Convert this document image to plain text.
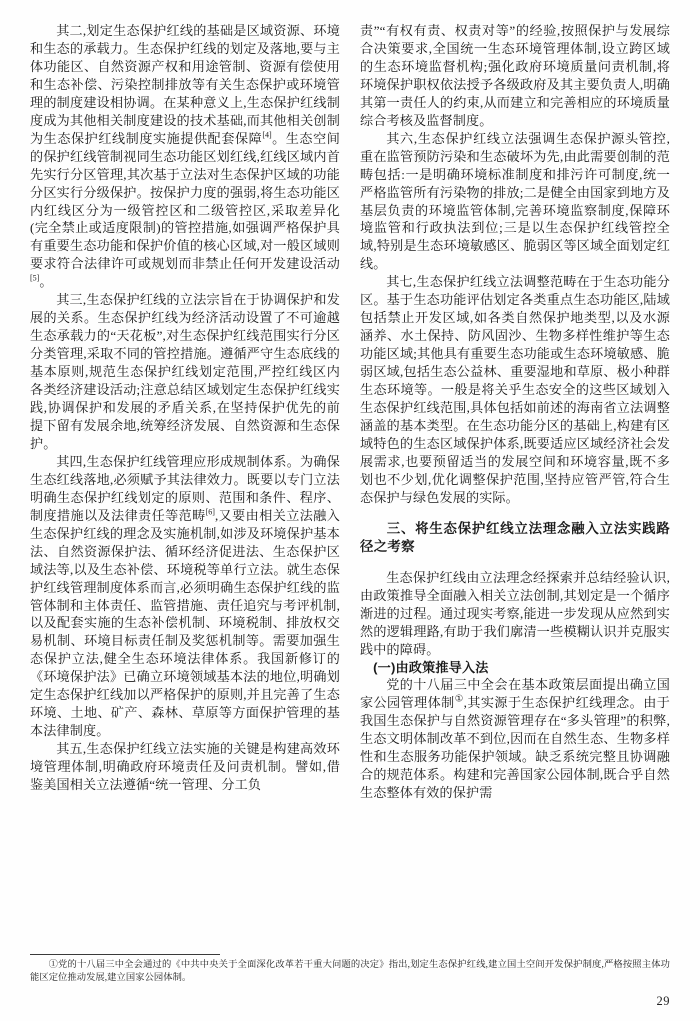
其二,划定生态保护红线的基础是区域资源、环境和生态的承载力。生态保护红线的划定及落地,要与主体功能区、自然资源产权和用途管制、资源有偿使用和生态补偿、污染控制排放等有关生态保护或环境管理的制度建设相协调。在某种意义上,生态保护红线制度成为其他相关制度建设的技术基础,而其他相关创制为生态保护红线制度实施提供配套保障[4]。生态空间的保护红线管制视同生态功能区划红线,红线区域内首先实行分区管理,其次基于立法对生态保护区域的功能分区实行分级保护。按保护力度的强弱,将生态功能区内红线区分为一级管控区和二级管控区,采取差异化(完全禁止或适度限制)的管控措施,如强调严格保护具有重要生态功能和保护价值的核心区域,对一般区域则要求符合法律许可或规划而非禁止任何开发建设活动[5]。

其三,生态保护红线的立法宗旨在于协调保护和发展的关系。生态保护红线为经济活动设置了不可逾越生态承载力的“天花板”,对生态保护红线范围实行分区分类管理,采取不同的管控措施。遵循严守生态底线的基本原则,规范生态保护红线划定范围,严控红线区内各类经济建设活动;注意总结区域划定生态保护红线实践,协调保护和发展的矛盾关系,在坚持保护优先的前提下留有发展余地,统筹经济发展、自然资源和生态保护。

其四,生态保护红线管理应形成规制体系。为确保生态红线落地,必须赋予其法律效力。既要以专门立法明确生态保护红线划定的原则、范围和条件、程序、制度措施以及法律责任等范畴[6],又要由相关立法融入生态保护红线的理念及实施机制,如涉及环境保护基本法、自然资源保护法、循环经济促进法、生态保护区域法等,以及生态补偿、环境税等单行立法。就生态保护红线管理制度体系而言,必须明确生态保护红线的监管体制和主体责任、监管措施、责任追究与考评机制,以及配套实施的生态补偿机制、环境税制、排放权交易机制、环境目标责任制及奖惩机制等。需要加强生态保护立法,健全生态环境法律体系。我国新修订的《环境保护法》已确立环境领域基本法的地位,明确划定生态保护红线加以严格保护的原则,并且完善了生态环境、土地、矿产、森林、草原等方面保护管理的基本法律制度。

其五,生态保护红线立法实施的关键是构建高效环境管理体制,明确政府环境责任及问责机制。譬如,借鉴美国相关立法遵循“统一管理、分工负

责”“有权有责、权责对等”的经验,按照保护与发展综合决策要求,全国统一生态环境管理体制,设立跨区域的生态环境监督机构;强化政府环境质量问责机制,将环境保护职权依法授予各级政府及其主要负责人,明确其第一责任人的约束,从而建立和完善相应的环境质量综合考核及监督制度。

其六,生态保护红线立法强调生态保护源头管控,重在监管预防污染和生态破坏为先,由此需要创制的范畴包括:一是明确环境标准制度和排污许可制度,统一严格监管所有污染物的排放;二是健全由国家到地方及基层负责的环境监管体制,完善环境监察制度,保障环境监管和行政执法到位;三是以生态保护红线管控全域,特别是生态环境敏感区、脆弱区等区域全面划定红线。

其七,生态保护红线立法调整范畴在于生态功能分区。基于生态功能评估划定各类重点生态功能区,陆域包括禁止开发区域,如各类自然保护地类型,以及水源涵养、水土保持、防风固沙、生物多样性维护等生态功能区域;其他具有重要生态功能或生态环境敏感、脆弱区域,包括生态公益林、重要湿地和草原、极小种群生态环境等。一般是将关乎生态安全的这些区域划入生态保护红线范围,具体包括如前述的海南省立法调整涵盖的基本类型。在生态功能分区的基础上,构建有区域特色的生态区域保护体系,既要适应区域经济社会发展需求,也要预留适当的发展空间和环境容量,既不多划也不少划,优化调整保护范围,坚持应管严管,符合生态保护与绿色发展的实际。

三、将生态保护红线立法理念融入立法实践路径之考察

生态保护红线由立法理念经探索并总结经验认识,由政策推导全面融入相关立法创制,其划定是一个循序渐进的过程。通过现实考察,能进一步发现从应然到实然的逻辑理路,有助于我们廓清一些模糊认识并克服实践中的障碍。

(一)由政策推导入法

党的十八届三中全会在基本政策层面提出确立国家公园管理体制①,其实源于生态保护红线理念。由于我国生态保护与自然资源管理存在“多头管理”的积弊,生态文明体制改革不到位,因而在自然生态、生物多样性和生态服务功能保护领域。缺乏系统完整且协调融合的规范体系。构建和完善国家公园体制,既合乎自然生态整体有效的保护需

①党的十八届三中全会通过的《中共中央关于全面深化改革若干重大问题的决定》指出,划定生态保护红线,建立国土空间开发保护制度,严格按照主体功能区定位推动发展,建立国家公园体制。

29
